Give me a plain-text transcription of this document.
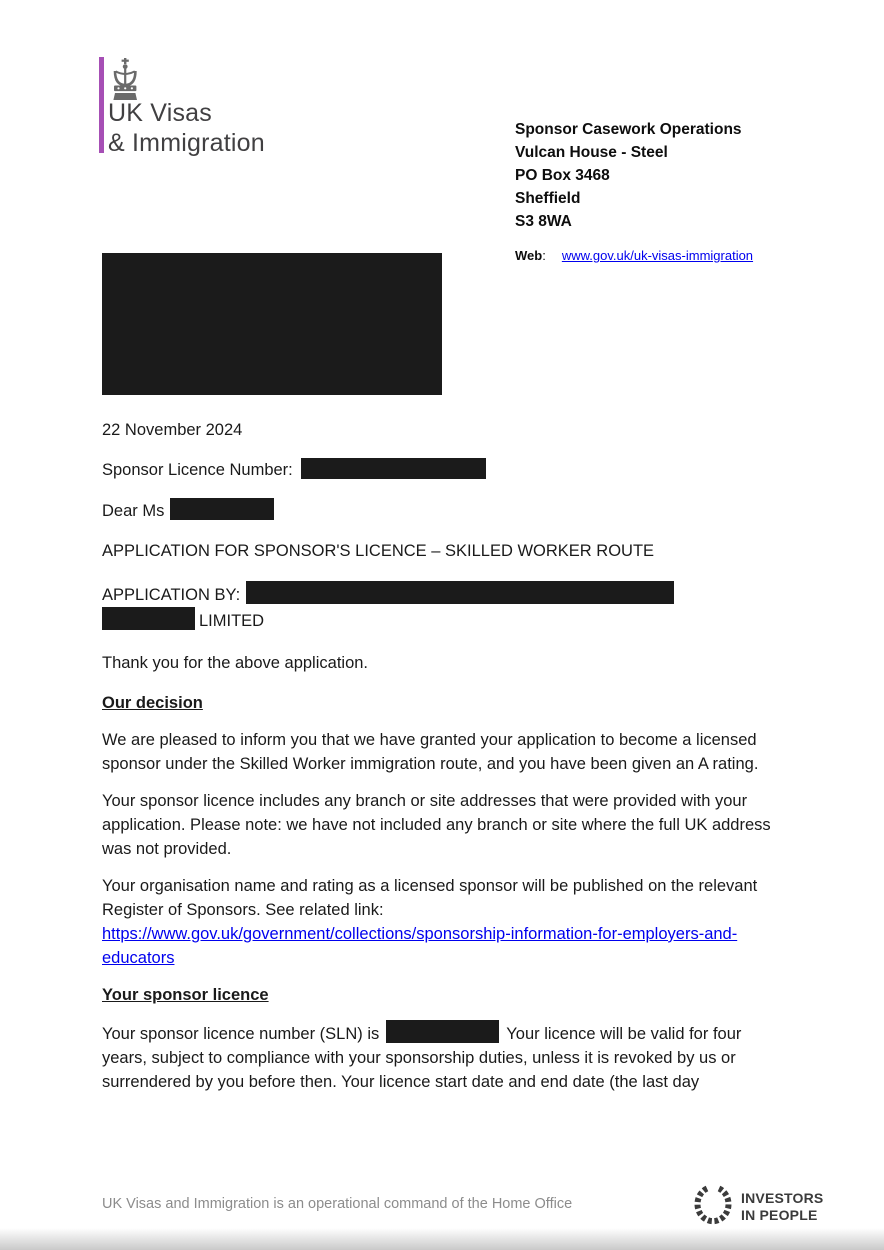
UK Visas
& Immigration	Sponsor Casework Operations
Vulcan House - Steel
PO Box 3468
Sheffield
S3 8WA
Web: www.gov.uk/uk-visas-immigration
22 November 2024
Sponsor Licence Number:
Dear Ms
APPLICATION FOR SPONSOR'S LICENCE – SKILLED WORKER ROUTE
APPLICATION BY:
LIMITED
Thank you for the above application.
Our decision

We are pleased to inform you that we have granted your application to become a licensed sponsor under the Skilled Worker immigration route, and you have been given an A rating.

Your sponsor licence includes any branch or site addresses that were provided with your application. Please note: we have not included any branch or site where the full UK address was not provided.

Your organisation name and rating as a licensed sponsor will be published on the relevant Register of Sponsors. See related link:
https://www.gov.uk/government/collections/sponsorship-information-for-employers-and-educators

Your sponsor licence

Your sponsor licence number (SLN) is	Your licence will be valid for four years, subject to compliance with your sponsorship duties, unless it is revoked by us or surrendered by you before then. Your licence start date and end date (the last day

UK Visas and Immigration is an operational command of the Home Office	INVESTORS
IN PEOPLE
